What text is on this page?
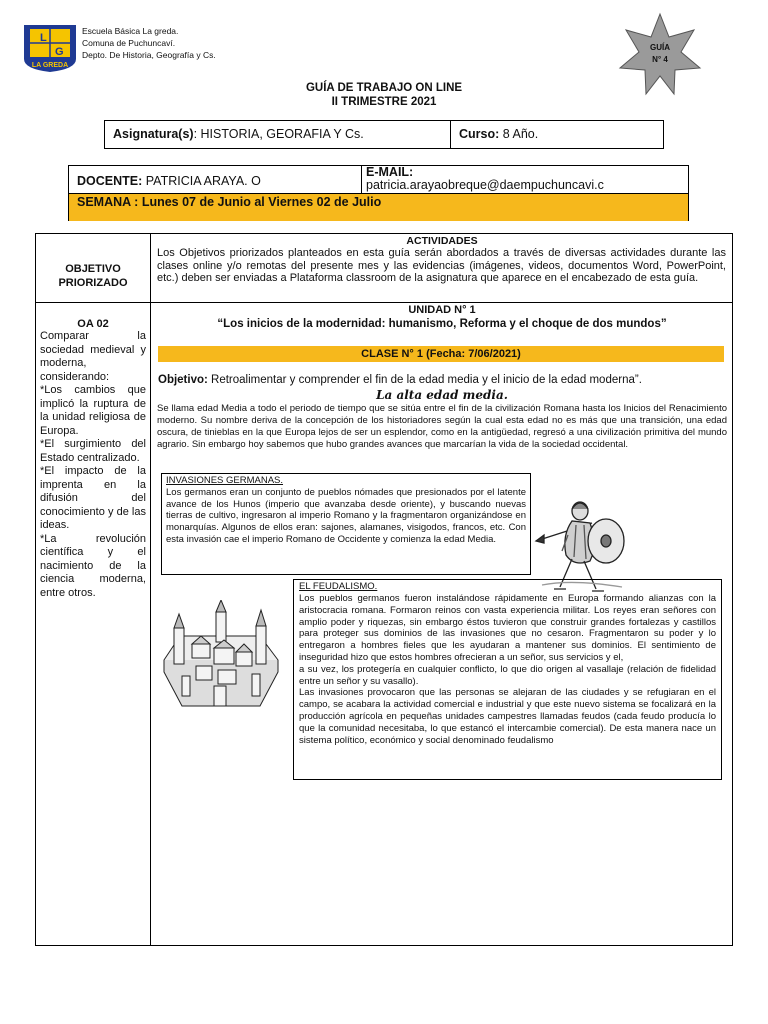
L
G
LA GREDA
Escuela Básica La greda.
Comuna de Puchuncaví.
Depto. De Historia, Geografía y Cs.
GUÍA
N° 4
GUÍA DE TRABAJO ON LINE
II TRIMESTRE 2021
Asignatura(s): HISTORIA, GEORAFIA Y Cs.	Curso: 8 Año.
DOCENTE: PATRICIA ARAYA. O
E-MAIL:
patricia.arayaobreque@daempuchuncavi.c
SEMANA : Lunes 07 de Junio al Viernes 02 de Julio
OBJETIVO
PRIORIZADO
ACTIVIDADES
Los Objetivos priorizados planteados en esta guía serán abordados a través de diversas actividades durante las clases online y/o remotas del presente mes y las evidencias (imágenes, videos, documentos Word, PowerPoint, etc.) deben ser enviadas a Plataforma classroom de la asignatura que aparece en el encabezado de esta guía.
OA 02
Comparar la sociedad medieval y moderna, considerando:
*Los cambios que implicó la ruptura de la unidad religiosa de Europa.
*El surgimiento del Estado centralizado.
*El impacto de la imprenta en la difusión del conocimiento y de las ideas.
*La revolución científica y el nacimiento de la ciencia moderna, entre otros.
UNIDAD N° 1
“Los inicios de la modernidad: humanismo, Reforma y el choque de dos mundos”
CLASE N° 1 (Fecha: 7/06/2021)
Objetivo: Retroalimentar y comprender el fin de la edad media y el inicio de la edad moderna”.
La alta edad media.
Se llama edad Media a todo el periodo de tiempo que se sitúa entre el fin de la civilización Romana hasta los Inicios del Renacimiento moderno. Su nombre deriva de la concepción de los historiadores según la cual esta edad no es más que una transición, una edad oscura, de tinieblas en la que Europa lejos de ser un esplendor, como en la antigüedad, regresó a una civilización primitiva del mundo agrario. Sin embargo hoy sabemos que hubo grandes avances que marcarían la vida de la sociedad occidental.
INVASIONES GERMANAS.
Los germanos eran un conjunto de pueblos nómades que presionados por el latente avance de los Hunos (imperio que avanzaba desde oriente), y buscando nuevas tierras de cultivo, ingresaron al imperio Romano y la fragmentaron organizándose en monarquías. Algunos de ellos eran: sajones, alamanes, visigodos, francos, etc. Con esta invasión cae el imperio Romano de Occidente y comienza la edad Media.
EL FEUDALISMO.
Los pueblos germanos fueron instalándose rápidamente en Europa formando alianzas con la aristocracia romana. Formaron reinos con vasta experiencia militar. Los reyes eran señores con amplio poder y riquezas, sin embargo éstos tuvieron que construir grandes fortalezas y castillos para proteger sus dominios de las invasiones que no cesaron. Fragmentaron su poder y lo entregaron a hombres fieles que les ayudaran a mantener sus dominios. El sentimiento de inseguridad hizo que estos hombres ofrecieran a un señor, sus servicios y el,
a su vez, los protegería en cualquier conflicto, lo que dio origen al vasallaje (relación de fidelidad entre un señor y su vasallo).
Las invasiones provocaron que las personas se alejaran de las ciudades y se refugiaran en el campo, se acabara la actividad comercial e industrial y que este nuevo sistema se focalizará en la producción agrícola en pequeñas unidades campestres llamadas feudos (cada feudo producía lo que la comunidad necesitaba, lo que estancó el intercambie comercial). De esta manera nace un sistema político, económico y social denominado feudalismo
